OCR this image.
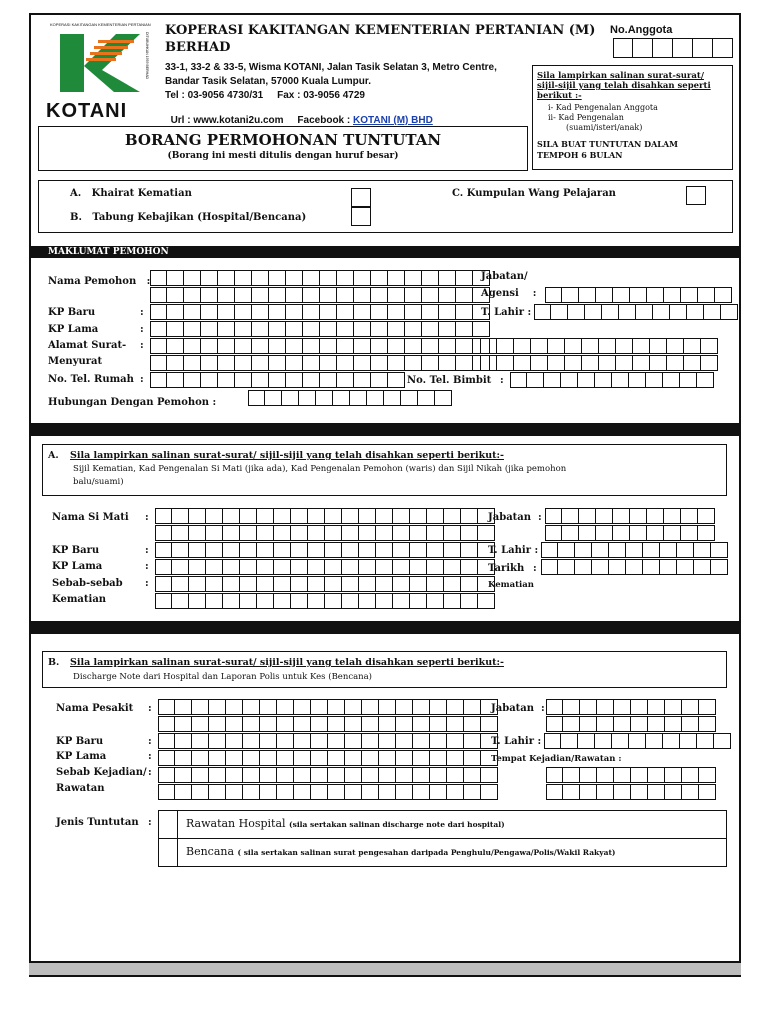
KOPERASI KAKITANGAN KEMENTERIAN PERTANIAN
DITUBUHKAN 1959 BERHAD
KOTANI
KOPERASI KAKITANGAN KEMENTERIAN PERTANIAN (M)
BERHAD
33-1, 33-2 & 33-5, Wisma KOTANI, Jalan Tasik Selatan 3, Metro Centre,
Bandar Tasik Selatan, 57000 Kuala Lumpur.
Tel : 03-9056 4730/31     Fax : 03-9056 4729

Url : www.kotani2u.com     Facebook : KOTANI (M) BHD

No.Anggota
Sila lampirkan salinan surat-surat/
sijil-sijil yang telah disahkan seperti
berikut :-
i- Kad Pengenalan Anggota
ii- Kad Pengenalan
(suami/isteri/anak)
SILA BUAT TUNTUTAN DALAM
TEMPOH 6 BULAN
BORANG PERMOHONAN TUNTUTAN
(Borang ini mesti ditulis dengan huruf besar)
A.   Khairat Kematian
B.   Tabung Kebajikan (Hospital/Bencana)
C. Kumpulan Wang Pelajaran
MAKLUMAT PEMOHON
Nama Pemohon   :	Jabatan/
Agensi    :
KP Baru	:	T. Lahir :
KP Lama	:
Alamat Surat- :
Menyurat
No. Tel. Rumah :	No. Tel. Bimbit :
Hubungan Dengan Pemohon :
A. Sila lampirkan salinan surat-surat/ sijil-sijil yang telah disahkan seperti berikut:-
Sijil Kematian, Kad Pengenalan Si Mati (jika ada), Kad Pengenalan Pemohon (waris) dan Sijil Nikah (jika pemohon
balu/suami)
Nama Si Mati :	Jabatan  :
KP Baru	:	T. Lahir :
KP Lama	:	Tarikh :
Kematian
Sebab-sebab :
Kematian
B. Sila lampirkan salinan surat-surat/ sijil-sijil yang telah disahkan seperti berikut:-
Discharge Note dari Hospital dan Laporan Polis untuk Kes (Bencana)
Nama Pesakit :	Jabatan  :
KP Baru	:	T. Lahir :
KP Lama	:	Tempat Kejadian/Rawatan :
Sebab Kejadian/ :
Rawatan
Jenis Tuntutan :	Rawatan Hospital (sila sertakan salinan discharge note dari hospital)
Bencana ( sila sertakan salinan surat pengesahan daripada Penghulu/Pengawa/Polis/Wakil Rakyat)
